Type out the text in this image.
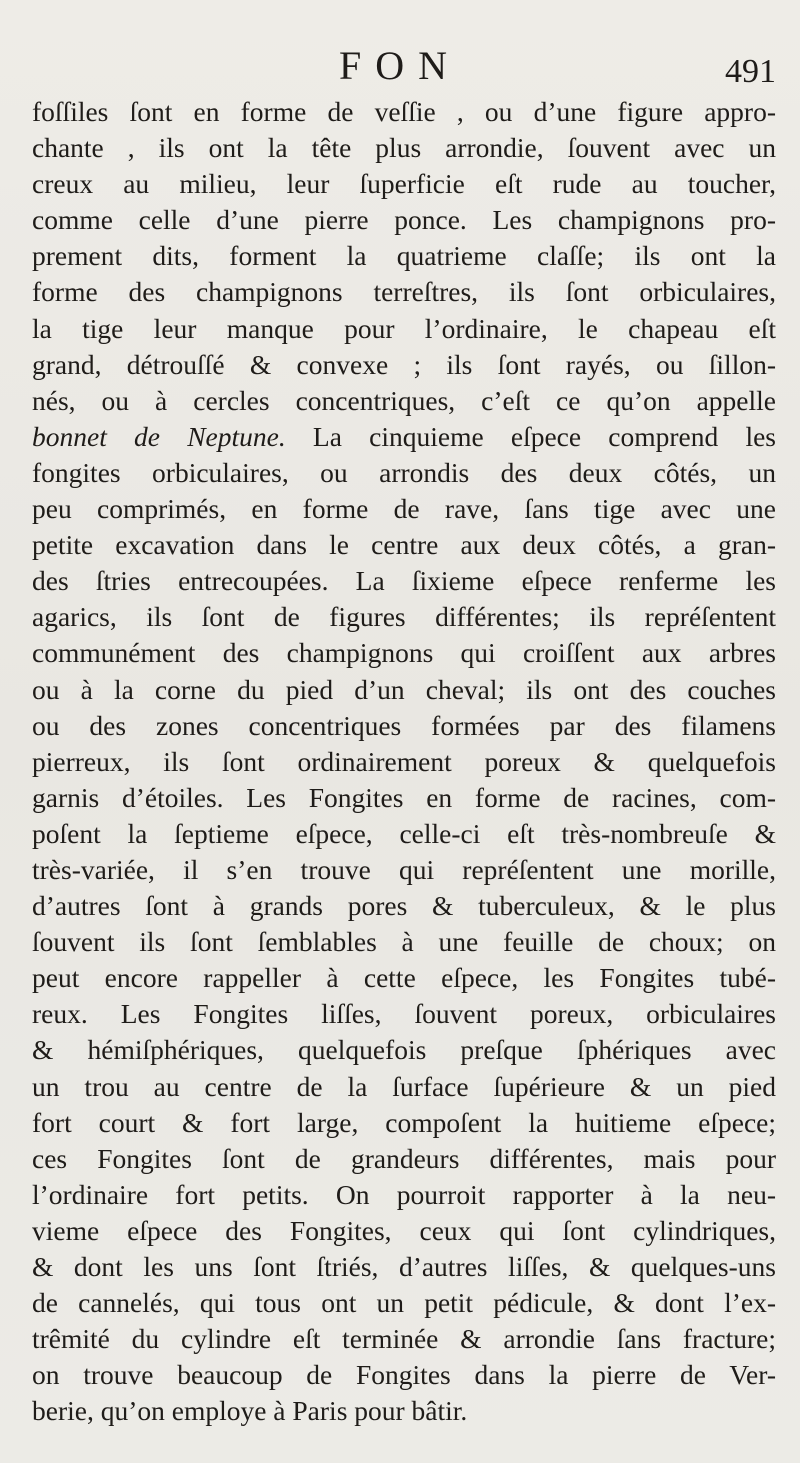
FON	491
foſſiles ſont en forme de veſſie , ou d’une figure appro-
chante , ils ont la tête plus arrondie, ſouvent avec un
creux au milieu, leur ſuperficie eſt rude au toucher,
comme celle d’une pierre ponce. Les champignons pro-
prement dits, forment la quatrieme claſſe; ils ont la
forme des champignons terreſtres, ils ſont orbiculaires,
la tige leur manque pour l’ordinaire, le chapeau eſt
grand, détrouſſé & convexe ; ils ſont rayés, ou ſillon-
nés, ou à cercles concentriques, c’eſt ce qu’on appelle
bonnet de Neptune. La cinquieme eſpece comprend les
fongites orbiculaires, ou arrondis des deux côtés, un
peu comprimés, en forme de rave, ſans tige avec une
petite excavation dans le centre aux deux côtés, a gran-
des ſtries entrecoupées. La ſixieme eſpece renferme les
agarics, ils ſont de figures différentes; ils repréſentent
communément des champignons qui croiſſent aux arbres
ou à la corne du pied d’un cheval; ils ont des couches
ou des zones concentriques formées par des filamens
pierreux, ils ſont ordinairement poreux & quelquefois
garnis d’étoiles. Les Fongites en forme de racines, com-
poſent la ſeptieme eſpece, celle-ci eſt très-nombreuſe &
très-variée, il s’en trouve qui repréſentent une morille,
d’autres ſont à grands pores & tuberculeux, & le plus
ſouvent ils ſont ſemblables à une feuille de choux; on
peut encore rappeller à cette eſpece, les Fongites tubé-
reux. Les Fongites liſſes, ſouvent poreux, orbiculaires
& hémiſphériques, quelquefois preſque ſphériques avec
un trou au centre de la ſurface ſupérieure & un pied
fort court & fort large, compoſent la huitieme eſpece;
ces Fongites ſont de grandeurs différentes, mais pour
l’ordinaire fort petits. On pourroit rapporter à la neu-
vieme eſpece des Fongites, ceux qui ſont cylindriques,
& dont les uns ſont ſtriés, d’autres liſſes, & quelques-uns
de cannelés, qui tous ont un petit pédicule, & dont l’ex-
trêmité du cylindre eſt terminée & arrondie ſans fracture;
on trouve beaucoup de Fongites dans la pierre de Ver-
berie, qu’on employe à Paris pour bâtir.
